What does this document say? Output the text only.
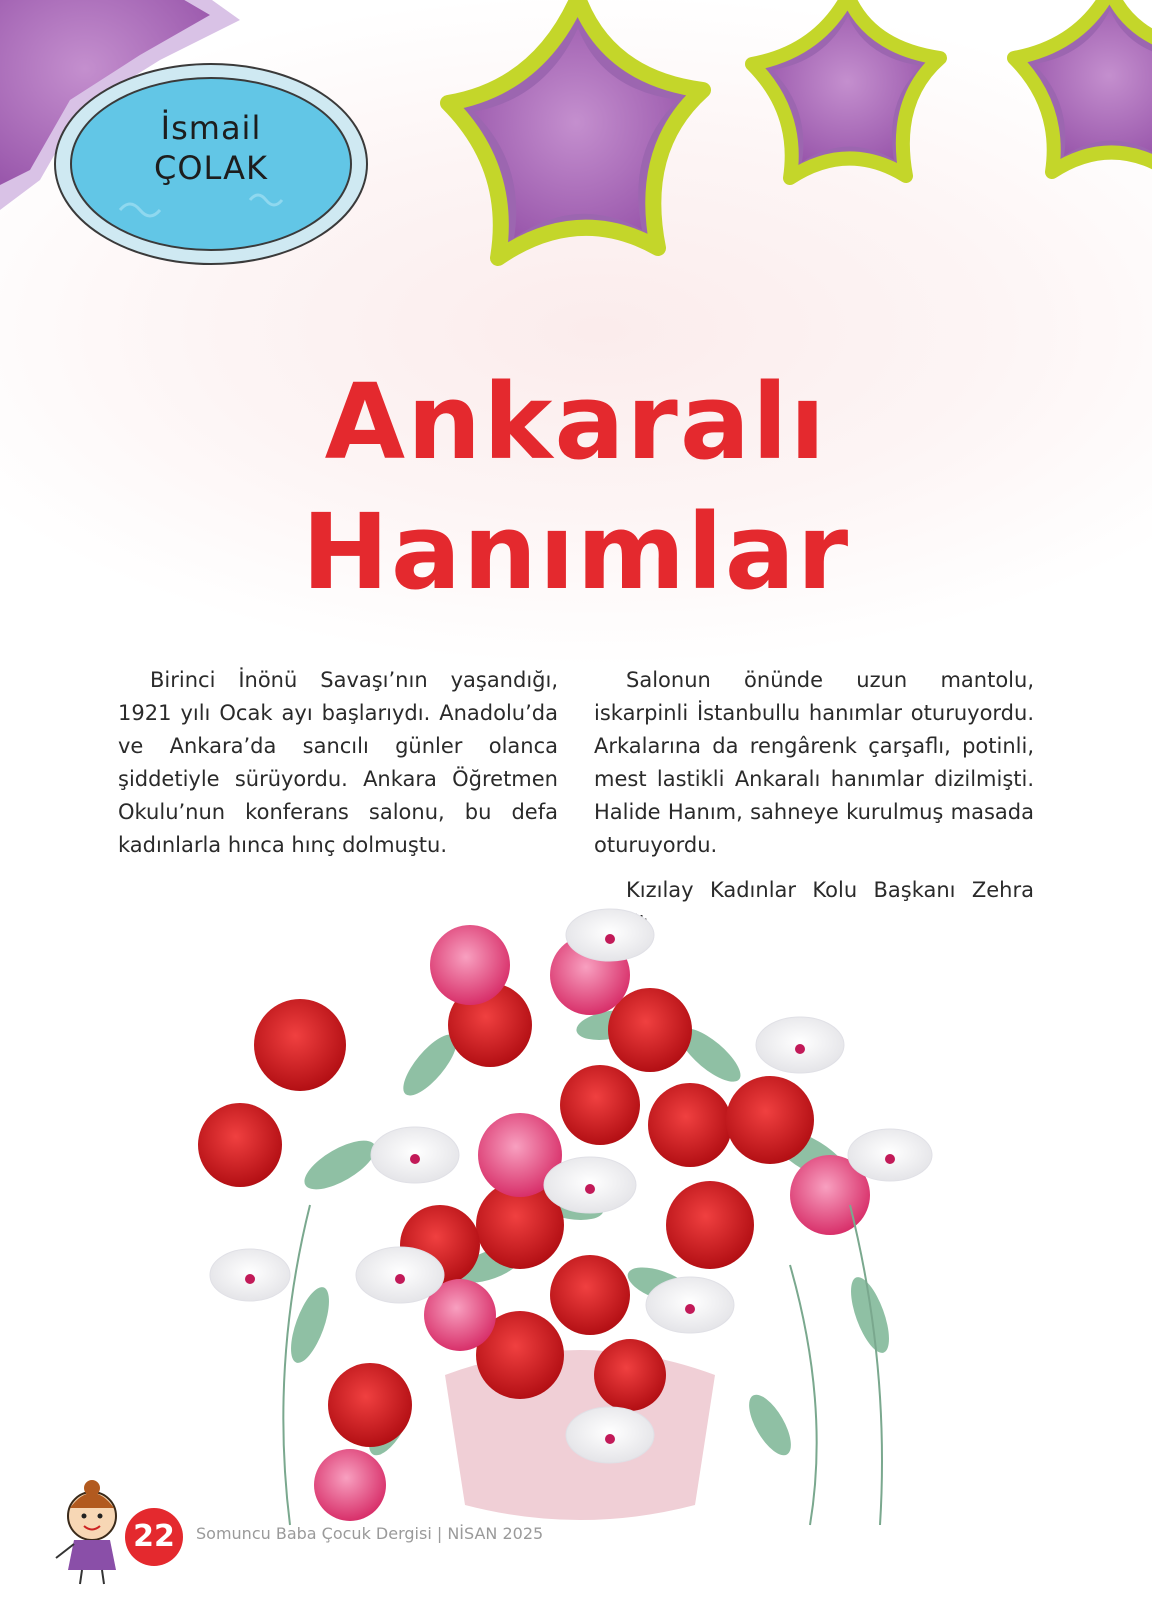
İsmail
ÇOLAK
Ankaralı
Hanımlar

Birinci İnönü Savaşı’nın yaşandığı, 1921 yılı Ocak ayı başlarıydı. Anadolu’da ve Ankara’da sancılı günler olanca şiddetiyle sürüyordu. Ankara Öğretmen Okulu’nun konferans salonu, bu defa kadınlarla hınca hınç dolmuştu.

Salonun önünde uzun mantolu, iskarpinli İstanbullu hanımlar oturuyordu. Arkalarına da rengârenk çarşaflı, potinli, mest lastikli Ankaralı hanımlar dizilmişti. Halide Hanım, sahneye kurulmuş masada oturuyordu.

Kızılay Kadınlar Kolu Başkanı Zehra

22	Somuncu Baba Çocuk Dergisi | NİSAN 2025
